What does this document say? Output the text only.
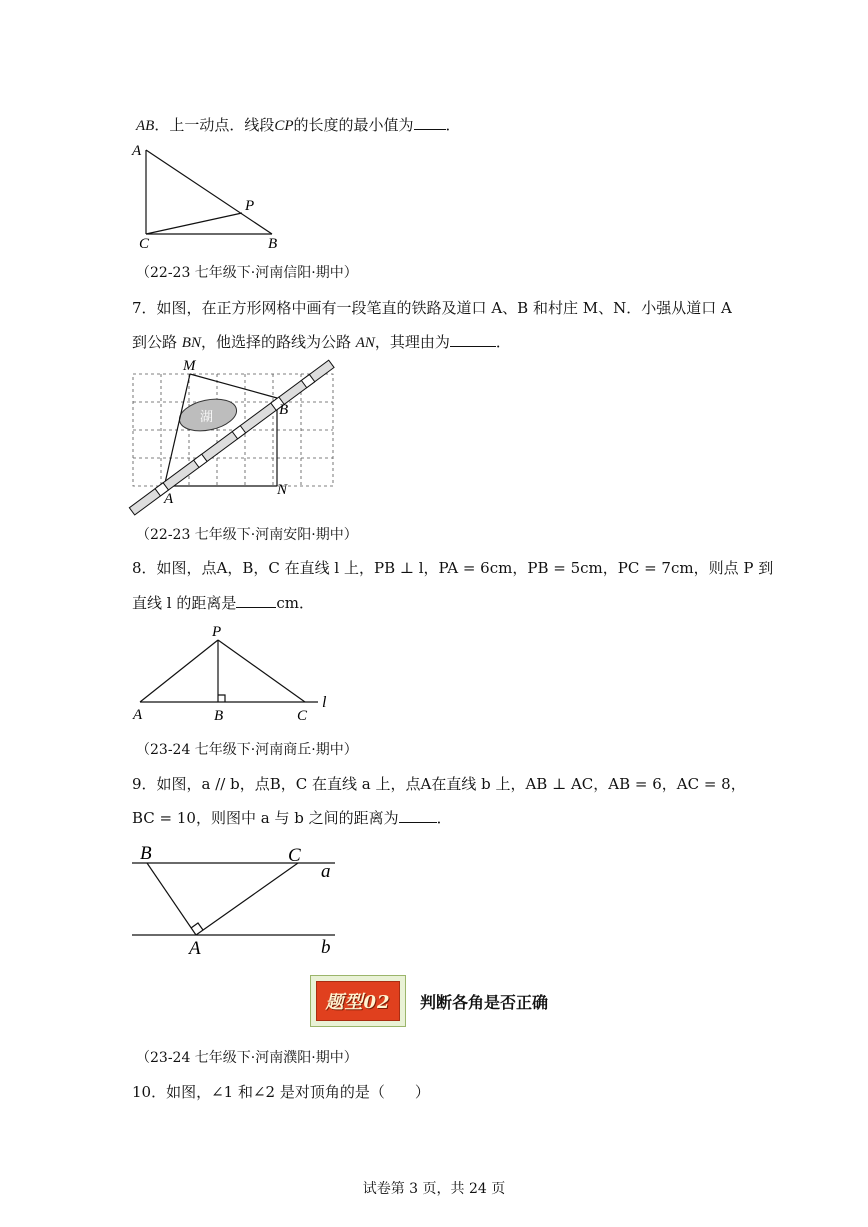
AB．上一动点．线段CP的长度的最小值为 ．
A
P
C	B
（22-23 七年级下·河南信阳·期中）
7．如图，在正方形网格中画有一段笔直的铁路及道口 A、B 和村庄 M、N．小强从道口 A
到公路 BN，他选择的路线为公路 AN，其理由为	．
湖
M
B
A
N
（22-23 七年级下·河南安阳·期中）
8．如图，点A，B，C 在直线 l 上，PB ⊥ l，PA = 6cm，PB = 5cm，PC = 7cm，则点 P 到
直线 l 的距离是	cm．
P
A	B	C
l
（23-24 七年级下·河南商丘·期中）
9．如图，a // b，点B，C 在直线 a 上，点A在直线 b 上，AB ⊥ AC，AB = 6，AC = 8，
BC = 10，则图中 a 与 b 之间的距离为	．
B	C
a
A	b
题型02	判断各角是否正确
（23-24 七年级下·河南濮阳·期中）
10．如图，∠1 和∠2 是对顶角的是（　　）
试卷第 3 页，共 24 页
